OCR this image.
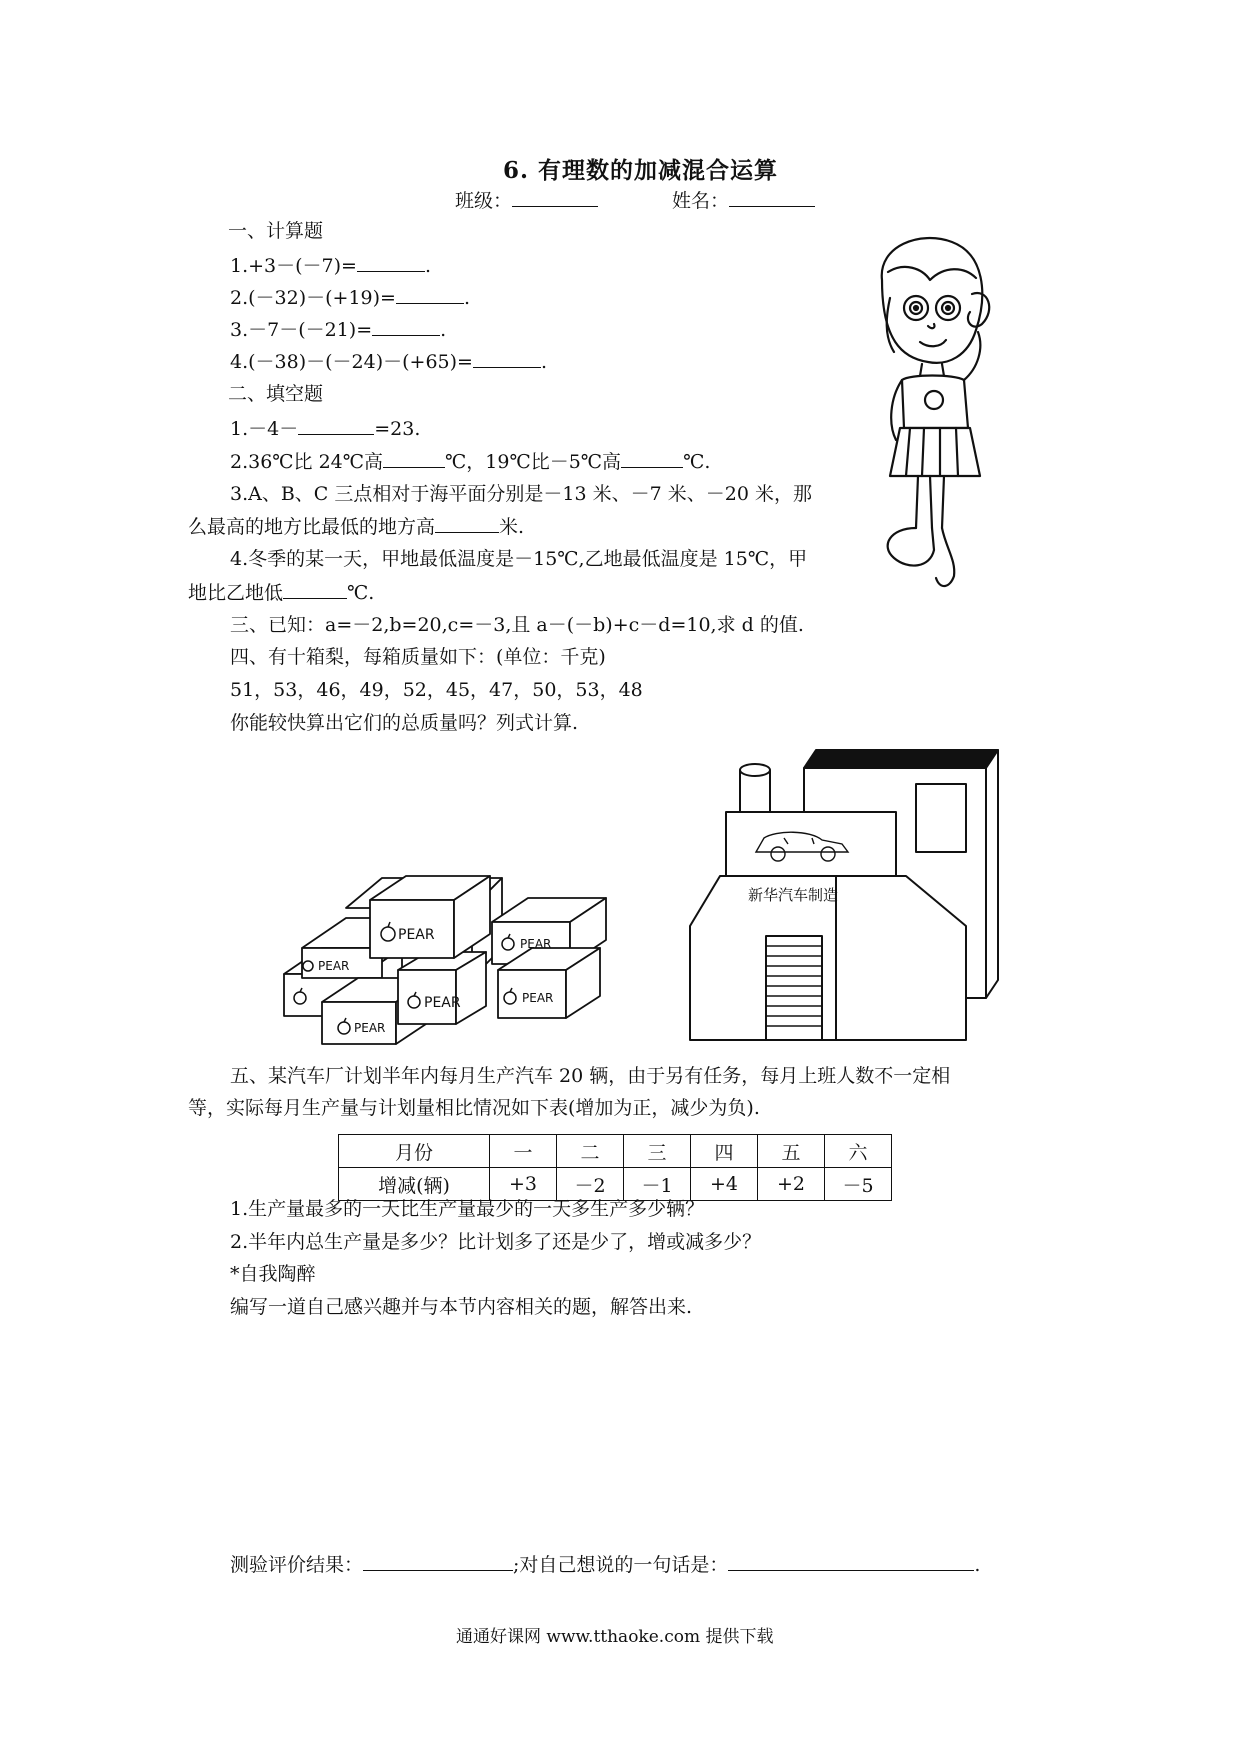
6. 有理数的加减混合运算
班级：	姓名：
一、计算题
1.+3－(－7)=	.
2.(－32)－(+19)=	.
3.－7－(－21)=	.
4.(－38)－(－24)－(+65)=	.
二、填空题
1.－4－	=23.
2.36℃比 24℃高	℃，19℃比－5℃高	℃.
3.A、B、C 三点相对于海平面分别是－13 米、－7 米、－20 米，那
么最高的地方比最低的地方高	米.
4.冬季的某一天，甲地最低温度是－15℃,乙地最低温度是 15℃，甲
地比乙地低	℃.
三、已知：a=－2,b=20,c=－3,且 a－(－b)+c－d=10,求 d 的值.
四、有十箱梨，每箱质量如下：(单位：千克)
51，53，46，49，52，45，47，50，53，48
你能较快算出它们的总质量吗？列式计算.
PEAR
PEAR
PEAR
PEAR
PEAR
PEAR
新华汽车制造
五、某汽车厂计划半年内每月生产汽车 20 辆，由于另有任务，每月上班人数不一定相
等，实际每月生产量与计划量相比情况如下表(增加为正，减少为负).
月份	一	二	三	四	五	六
增减(辆)	+3	－2	－1	+4	+2	－5
1.生产量最多的一天比生产量最少的一天多生产多少辆？
2.半年内总生产量是多少？比计划多了还是少了，增或减多少？
*自我陶醉
编写一道自己感兴趣并与本节内容相关的题，解答出来.
测验评价结果：	;对自己想说的一句话是：	.
通通好课网 www.tthaoke.com 提供下载
